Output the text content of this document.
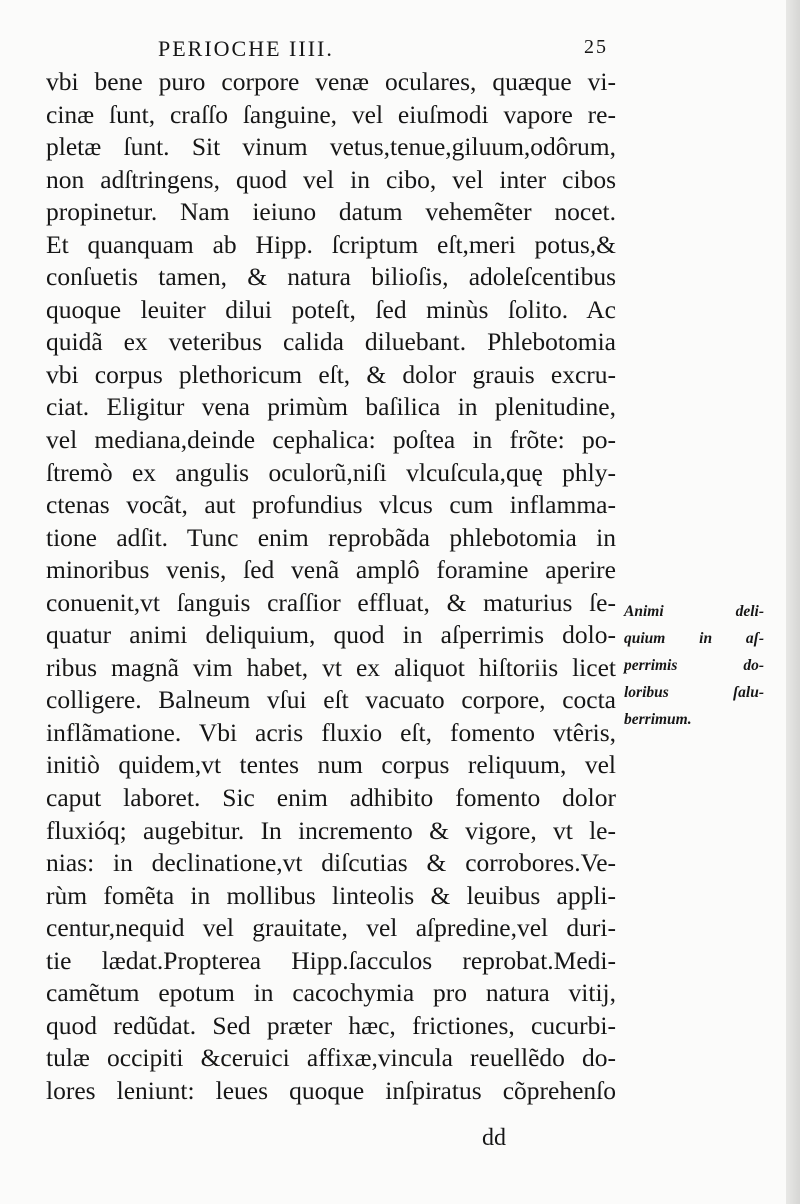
PERIOCHE IIII.	25
vbi bene puro corpore venæ oculares, quæque vi-
cinæ ſunt, craſſo ſanguine, vel eiuſmodi vapore re-
pletæ ſunt. Sit vinum vetus,tenue,giluum,odôrum,
non adſtringens, quod vel in cibo, vel inter cibos
propinetur. Nam ieiuno datum vehemẽter nocet.
Et quanquam ab Hipp. ſcriptum eſt,meri potus,&
conſuetis tamen, & natura bilioſis, adoleſcentibus
quoque leuiter dilui poteſt, ſed minùs ſolito. Ac
quidã ex veteribus calida diluebant. Phlebotomia
vbi corpus plethoricum eſt, & dolor grauis excru-
ciat. Eligitur vena primùm baſilica in plenitudine,
vel mediana,deinde cephalica: poſtea in frõte: po-
ſtremò ex angulis oculorũ,niſi vlcuſcula,quę phly-
ctenas vocãt, aut profundius vlcus cum inflamma-
tione adſit. Tunc enim reprobãda phlebotomia in
minoribus venis, ſed venã amplô foramine aperire
conuenit,vt ſanguis craſſior effluat, & maturius ſe-
quatur animi deliquium, quod in aſperrimis dolo-
ribus magnã vim habet, vt ex aliquot hiſtoriis licet
colligere. Balneum vſui eſt vacuato corpore, cocta
inflãmatione. Vbi acris fluxio eſt, fomento vtêris,
initiò quidem,vt tentes num corpus reliquum, vel
caput laboret. Sic enim adhibito fomento dolor
fluxióq; augebitur. In incremento & vigore, vt le-
nias: in declinatione,vt diſcutias & corrobores.Ve-
rùm fomẽta in mollibus linteolis & leuibus appli-
centur,nequid vel grauitate, vel aſpredine,vel duri-
tie lædat.Propterea Hipp.ſacculos reprobat.Medi-
camẽtum epotum in cacochymia pro natura vitij,
quod redũdat. Sed præter hæc, frictiones, cucurbi-
tulæ occipiti &ceruici affixæ,vincula reuellẽdo do-
lores leniunt: leues quoque inſpiratus cõprehenſo
Animi deli-
quium in aſ-
perrimis do-
loribus ſalu-
berrimum.
dd
